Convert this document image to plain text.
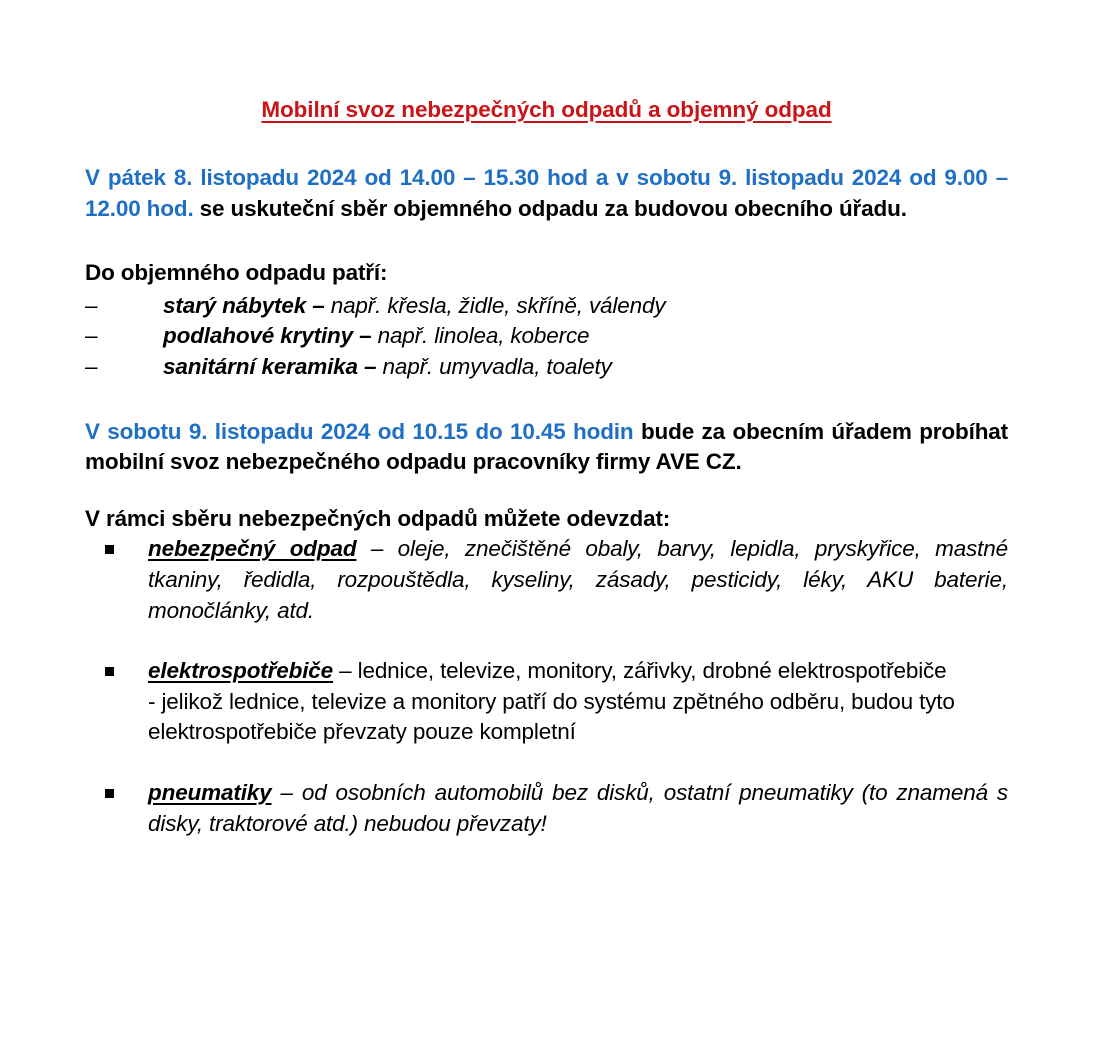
Mobilní svoz nebezpečných odpadů a objemný odpad

V pátek 8. listopadu 2024 od 14.00 – 15.30 hod a v sobotu 9. listopadu 2024 od 9.00 – 12.00 hod. se uskuteční sběr objemného odpadu za budovou obecního úřadu.

Do objemného odpadu patří:

–	starý nábytek – např. křesla, židle, skříně, válendy
–	podlahové krytiny – např. linolea, koberce
–	sanitární keramika – např. umyvadla, toalety

V sobotu 9. listopadu 2024 od 10.15 do 10.45 hodin bude za obecním úřadem probíhat mobilní svoz nebezpečného odpadu pracovníky firmy AVE CZ.

V rámci sběru nebezpečných odpadů můžete odevzdat:

nebezpečný odpad – oleje, znečištěné obaly, barvy, lepidla, pryskyřice, mastné tkaniny, ředidla, rozpouštědla, kyseliny, zásady, pesticidy, léky, AKU baterie, monočlánky, atd.
elektrospotřebiče – lednice, televize, monitory, zářivky, drobné elektrospotřebiče
- jelikož lednice, televize a monitory patří do systému zpětného odběru, budou tyto elektrospotřebiče převzaty pouze kompletní
pneumatiky – od osobních automobilů bez disků, ostatní pneumatiky (to znamená s disky, traktorové atd.) nebudou převzaty!
